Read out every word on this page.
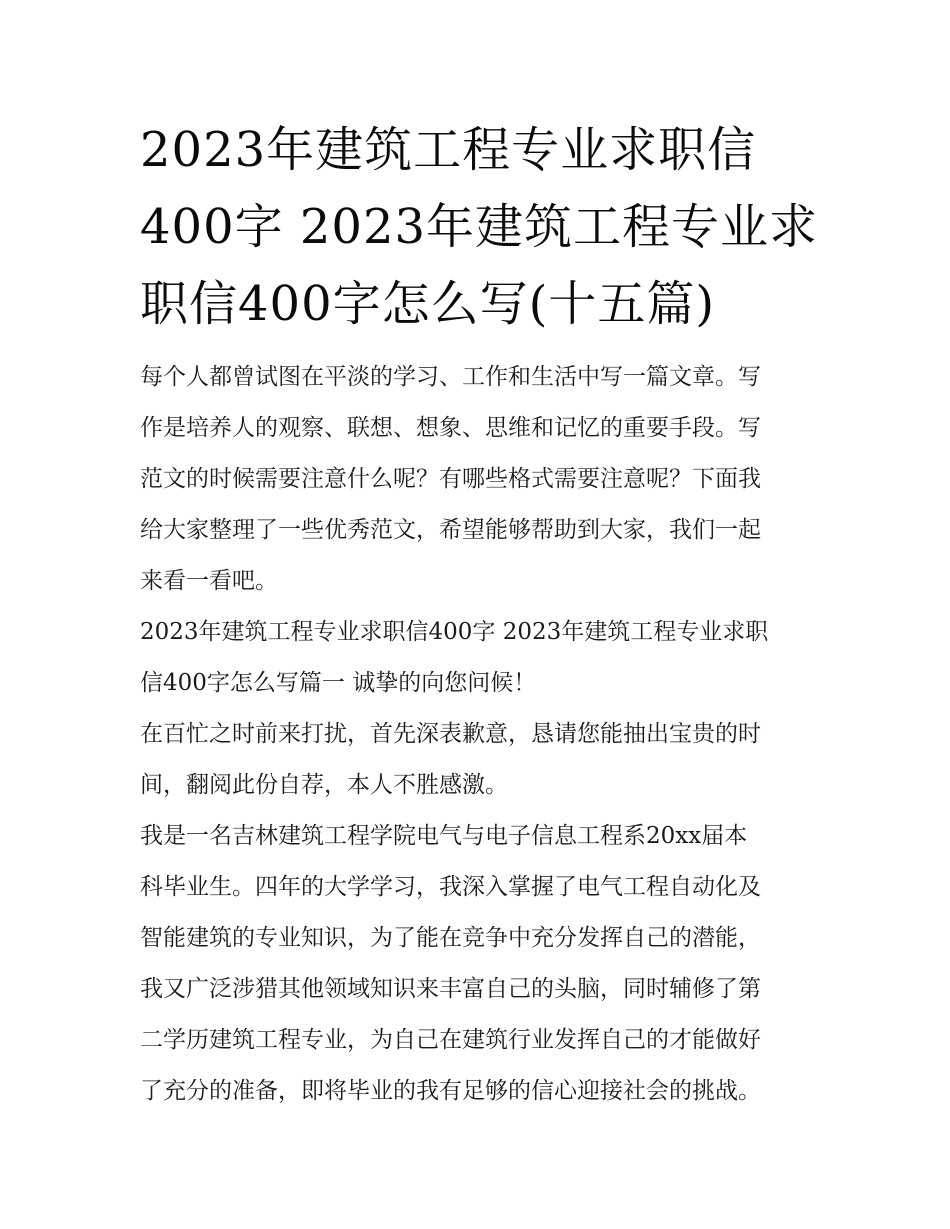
2023年建筑工程专业求职信
400字 2023年建筑工程专业求
职信400字怎么写(十五篇)

每个人都曾试图在平淡的学习、工作和生活中写一篇文章。写
作是培养人的观察、联想、想象、思维和记忆的重要手段。写
范文的时候需要注意什么呢？有哪些格式需要注意呢？下面我
给大家整理了一些优秀范文，希望能够帮助到大家，我们一起
来看一看吧。

2023年建筑工程专业求职信400字 2023年建筑工程专业求职
信400字怎么写篇一 诚挚的向您问候！

在百忙之时前来打扰，首先深表歉意，恳请您能抽出宝贵的时
间，翻阅此份自荐，本人不胜感激。

我是一名吉林建筑工程学院电气与电子信息工程系20xx届本
科毕业生。四年的大学学习，我深入掌握了电气工程自动化及
智能建筑的专业知识，为了能在竞争中充分发挥自己的潜能，
我又广泛涉猎其他领域知识来丰富自己的头脑，同时辅修了第
二学历建筑工程专业，为自己在建筑行业发挥自己的才能做好
了充分的准备，即将毕业的我有足够的信心迎接社会的挑战。
